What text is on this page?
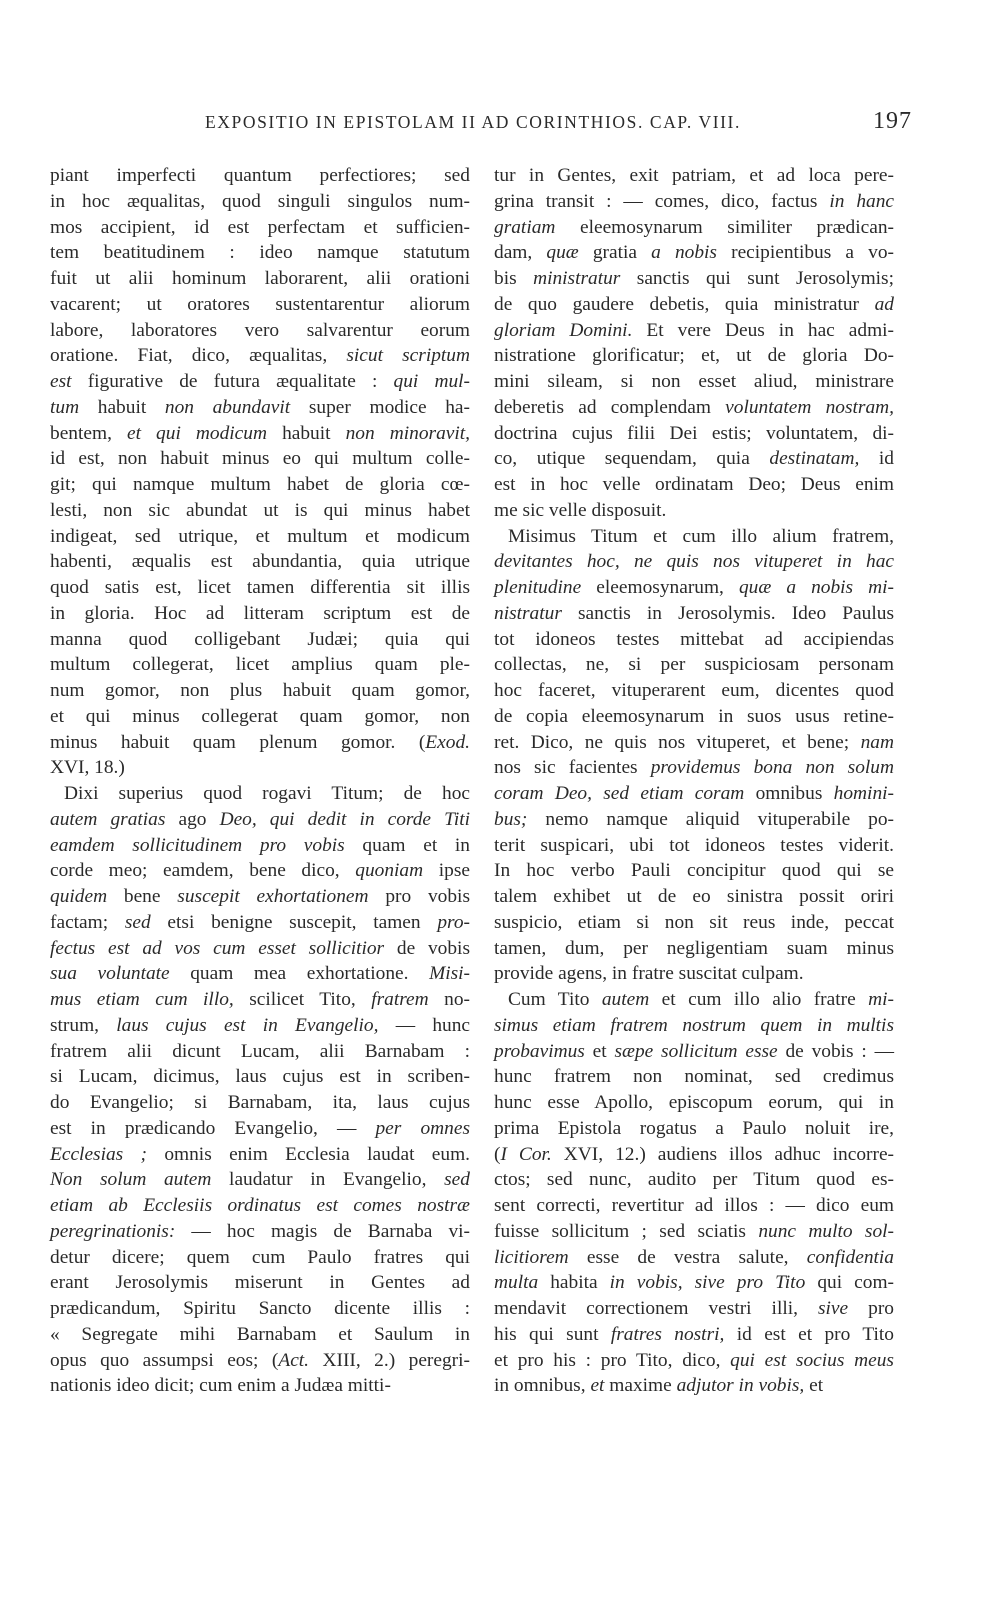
EXPOSITIO IN EPISTOLAM II AD CORINTHIOS. CAP. VIII.	197
piant imperfecti quantum perfectiores; sed
in hoc æqualitas, quod singuli singulos num-
mos accipient, id est perfectam et sufficien-
tem beatitudinem : ideo namque statutum
fuit ut alii hominum laborarent, alii orationi
vacarent; ut oratores sustentarentur aliorum
labore, laboratores vero salvarentur eorum
oratione. Fiat, dico, æqualitas, sicut scriptum
est figurative de futura æqualitate : qui mul-
tum habuit non abundavit super modice ha-
bentem, et qui modicum habuit non minoravit,
id est, non habuit minus eo qui multum colle-
git; qui namque multum habet de gloria cœ-
lesti, non sic abundat ut is qui minus habet
indigeat, sed utrique, et multum et modicum
habenti, æqualis est abundantia, quia utrique
quod satis est, licet tamen differentia sit illis
in gloria. Hoc ad litteram scriptum est de
manna quod colligebant Judæi; quia qui
multum collegerat, licet amplius quam ple-
num gomor, non plus habuit quam gomor,
et qui minus collegerat quam gomor, non
minus habuit quam plenum gomor. (Exod.
XVI, 18.)
Dixi superius quod rogavi Titum; de hoc
autem gratias ago Deo, qui dedit in corde Titi
eamdem sollicitudinem pro vobis quam et in
corde meo; eamdem, bene dico, quoniam ipse
quidem bene suscepit exhortationem pro vobis
factam; sed etsi benigne suscepit, tamen pro-
fectus est ad vos cum esset sollicitior de vobis
sua voluntate quam mea exhortatione. Misi-
mus etiam cum illo, scilicet Tito, fratrem no-
strum, laus cujus est in Evangelio, — hunc
fratrem alii dicunt Lucam, alii Barnabam :
si Lucam, dicimus, laus cujus est in scriben-
do Evangelio; si Barnabam, ita, laus cujus
est in prædicando Evangelio, — per omnes
Ecclesias ; omnis enim Ecclesia laudat eum.
Non solum autem laudatur in Evangelio, sed
etiam ab Ecclesiis ordinatus est comes nostræ
peregrinationis: — hoc magis de Barnaba vi-
detur dicere; quem cum Paulo fratres qui
erant Jerosolymis miserunt in Gentes ad
prædicandum, Spiritu Sancto dicente illis :
« Segregate mihi Barnabam et Saulum in
opus quo assumpsi eos; (Act. XIII, 2.) peregri-
nationis ideo dicit; cum enim a Judæa mitti-
tur in Gentes, exit patriam, et ad loca pere-
grina transit : — comes, dico, factus in hanc
gratiam eleemosynarum similiter prædican-
dam, quæ gratia a nobis recipientibus a vo-
bis ministratur sanctis qui sunt Jerosolymis;
de quo gaudere debetis, quia ministratur ad
gloriam Domini. Et vere Deus in hac admi-
nistratione glorificatur; et, ut de gloria Do-
mini sileam, si non esset aliud, ministrare
deberetis ad complendam voluntatem nostram,
doctrina cujus filii Dei estis; voluntatem, di-
co, utique sequendam, quia destinatam, id
est in hoc velle ordinatam Deo; Deus enim
me sic velle disposuit.
Misimus Titum et cum illo alium fratrem,
devitantes hoc, ne quis nos vituperet in hac
plenitudine eleemosynarum, quæ a nobis mi-
nistratur sanctis in Jerosolymis. Ideo Paulus
tot idoneos testes mittebat ad accipiendas
collectas, ne, si per suspiciosam personam
hoc faceret, vituperarent eum, dicentes quod
de copia eleemosynarum in suos usus retine-
ret. Dico, ne quis nos vituperet, et bene; nam
nos sic facientes providemus bona non solum
coram Deo, sed etiam coram omnibus homini-
bus; nemo namque aliquid vituperabile po-
terit suspicari, ubi tot idoneos testes viderit.
In hoc verbo Pauli concipitur quod qui se
talem exhibet ut de eo sinistra possit oriri
suspicio, etiam si non sit reus inde, peccat
tamen, dum, per negligentiam suam minus
provide agens, in fratre suscitat culpam.
Cum Tito autem et cum illo alio fratre mi-
simus etiam fratrem nostrum quem in multis
probavimus et sæpe sollicitum esse de vobis : —
hunc fratrem non nominat, sed credimus
hunc esse Apollo, episcopum eorum, qui in
prima Epistola rogatus a Paulo noluit ire,
(I Cor. XVI, 12.) audiens illos adhuc incorre-
ctos; sed nunc, audito per Titum quod es-
sent correcti, revertitur ad illos : — dico eum
fuisse sollicitum ; sed sciatis nunc multo sol-
licitiorem esse de vestra salute, confidentia
multa habita in vobis, sive pro Tito qui com-
mendavit correctionem vestri illi, sive pro
his qui sunt fratres nostri, id est et pro Tito
et pro his : pro Tito, dico, qui est socius meus
in omnibus, et maxime adjutor in vobis, et
